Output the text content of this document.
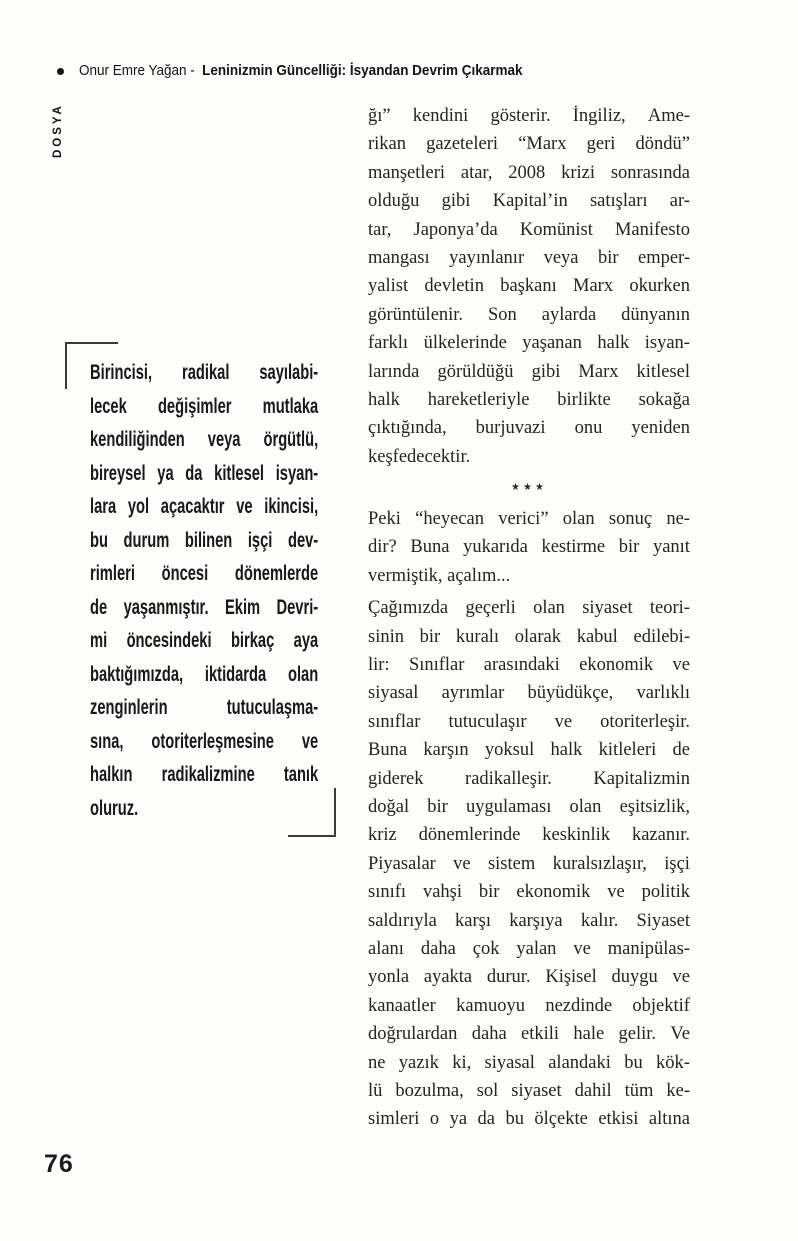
Onur Emre Yağan - Leninizmin Güncelliği: İsyandan Devrim Çıkarmak
DOSYA
Birincisi, radikal sayılabi-
lecek değişimler mutlaka
kendiliğinden veya örgütlü,
bireysel ya da kitlesel isyan-
lara yol açacaktır ve ikincisi,
bu durum bilinen işçi dev-
rimleri öncesi dönemlerde
de yaşanmıştır. Ekim Devri-
mi öncesindeki birkaç aya
baktığımızda, iktidarda olan
zenginlerin	tutuculaşma-
sına, otoriterleşmesine ve
halkın radikalizmine tanık
oluruz.
ğı” kendini gösterir. İngiliz, Ame-
rikan gazeteleri “Marx geri döndü”
manşetleri atar, 2008 krizi sonrasında
olduğu gibi Kapital’in satışları ar-
tar, Japonya’da Komünist Manifesto
mangası yayınlanır veya bir emper-
yalist devletin başkanı Marx okurken
görüntülenir. Son aylarda dünyanın
farklı ülkelerinde yaşanan halk isyan-
larında görüldüğü gibi Marx kitlesel
halk hareketleriyle birlikte sokağa
çıktığında, burjuvazi onu yeniden
keşfedecektir.
★★★
Peki “heyecan verici” olan sonuç ne-
dir? Buna yukarıda kestirme bir yanıt
vermiştik, açalım...
Çağımızda geçerli olan siyaset teori-
sinin bir kuralı olarak kabul edilebi-
lir: Sınıflar arasındaki ekonomik ve
siyasal ayrımlar büyüdükçe, varlıklı
sınıflar tutuculaşır ve otoriterleşir.
Buna karşın yoksul halk kitleleri de
giderek radikalleşir. Kapitalizmin
doğal bir uygulaması olan eşitsizlik,
kriz dönemlerinde keskinlik kazanır.
Piyasalar ve sistem kuralsızlaşır, işçi
sınıfı vahşi bir ekonomik ve politik
saldırıyla karşı karşıya kalır. Siyaset
alanı daha çok yalan ve manipülas-
yonla ayakta durur. Kişisel duygu ve
kanaatler kamuoyu nezdinde objektif
doğrulardan daha etkili hale gelir. Ve
ne yazık ki, siyasal alandaki bu kök-
lü bozulma, sol siyaset dahil tüm ke-
simleri o ya da bu ölçekte etkisi altına
76
